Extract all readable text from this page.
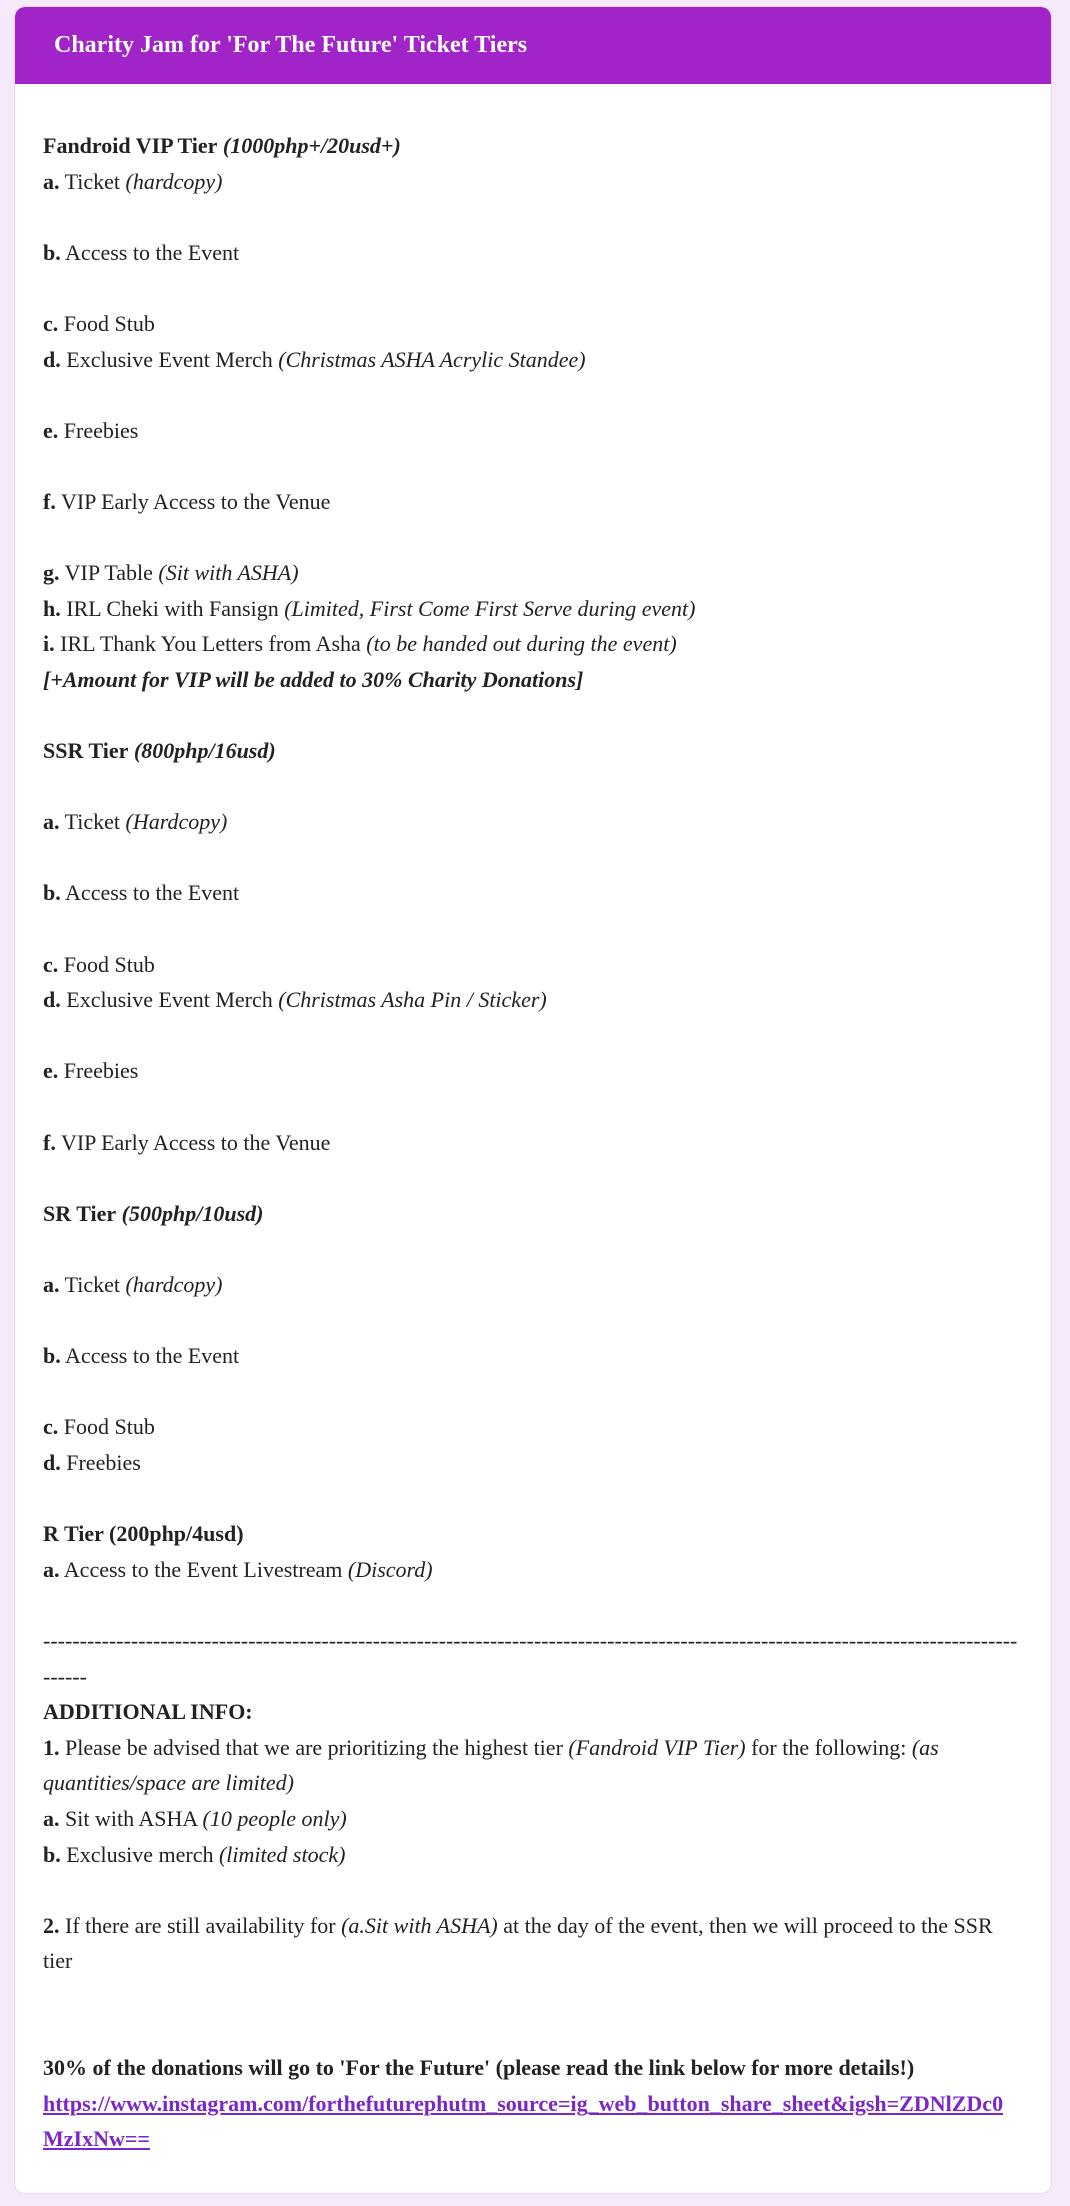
Charity Jam for 'For The Future' Ticket Tiers
Fandroid VIP Tier (1000php+/20usd+)
a. Ticket (hardcopy)
b. Access to the Event
c. Food Stub
d. Exclusive Event Merch (Christmas ASHA Acrylic Standee)
e. Freebies
f. VIP Early Access to the Venue
g. VIP Table (Sit with ASHA)
h. IRL Cheki with Fansign (Limited, First Come First Serve during event)
i. IRL Thank You Letters from Asha (to be handed out during the event)
[+Amount for VIP will be added to 30% Charity Donations]
SSR Tier (800php/16usd)
a. Ticket (Hardcopy)
b. Access to the Event
c. Food Stub
d. Exclusive Event Merch (Christmas Asha Pin / Sticker)
e. Freebies
f. VIP Early Access to the Venue
SR Tier (500php/10usd)
a. Ticket (hardcopy)
b. Access to the Event
c. Food Stub
d. Freebies
R Tier (200php/4usd)
a. Access to the Event Livestream (Discord)
-------------------------------------------------------------------------------------------------------------------------------------------
ADDITIONAL INFO:
1. Please be advised that we are prioritizing the highest tier (Fandroid VIP Tier) for the following: (as quantities/space are limited)
a. Sit with ASHA (10 people only)
b. Exclusive merch (limited stock)
2. If there are still availability for (a.Sit with ASHA) at the day of the event, then we will proceed to the SSR tier
30% of the donations will go to 'For the Future' (please read the link below for more details!) https://www.instagram.com/forthefuturephutm_source=ig_web_button_share_sheet&igsh=ZDNlZDc0MzIxNw==
